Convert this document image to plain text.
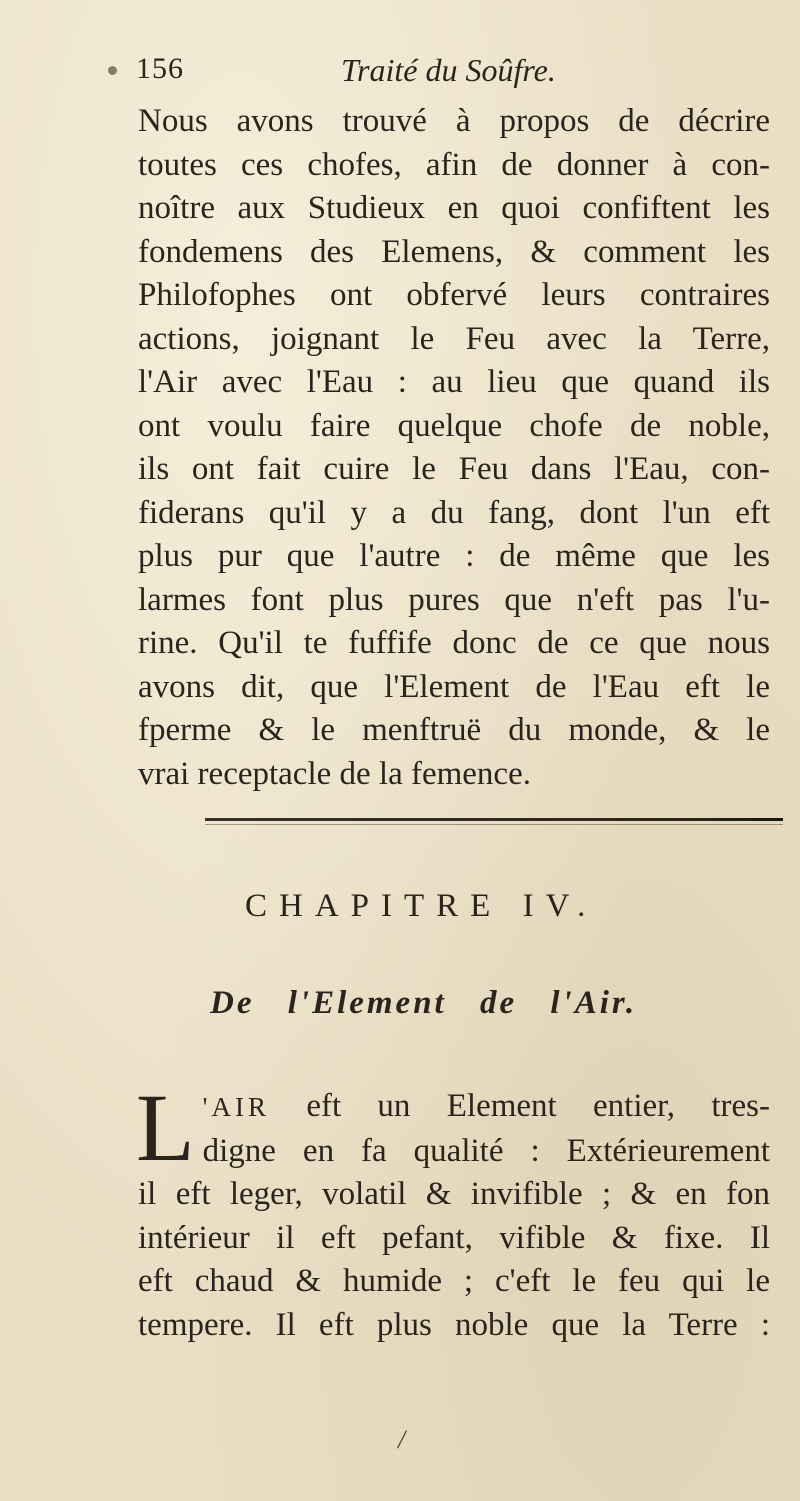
156	Traité du Soûfre.
Nous avons trouvé à propos de décrire
toutes ces chofes, afin de donner à con-
noître aux Studieux en quoi confiftent les
fondemens des Elemens, & comment les
Philofophes ont obfervé leurs contraires
actions, joignant le Feu avec la Terre,
l'Air avec l'Eau : au lieu que quand ils
ont voulu faire quelque chofe de noble,
ils ont fait cuire le Feu dans l'Eau, con-
fiderans qu'il y a du fang, dont l'un eft
plus pur que l'autre : de même que les
larmes font plus pures que n'eft pas l'u-
rine. Qu'il te fuffife donc de ce que nous
avons dit, que l'Element de l'Eau eft le
fperme & le menftruë du monde, & le
vrai receptacle de la femence.
CHAPITRE IV.
De l'Element de l'Air.
L 'AIR eft un Element entier, tres-
digne en fa qualité : Extérieurement
il eft leger, volatil & invifible ; & en fon
intérieur il eft pefant, vifible & fixe. Il
eft chaud & humide ; c'eft le feu qui le
tempere. Il eft plus noble que la Terre :
/
